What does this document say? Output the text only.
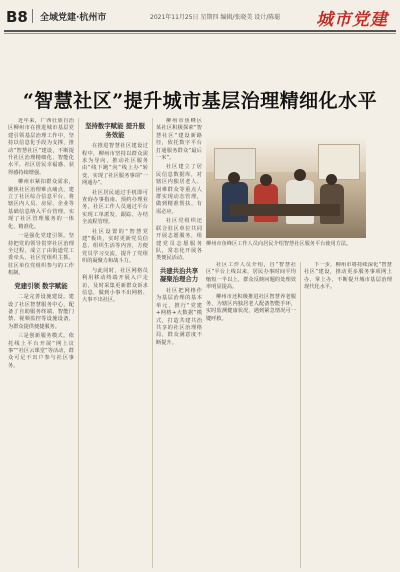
B8 全域党建·杭州市	2021年11月25日 星期四 编辑/张晓美 设计/陈聪 城市党建
“智慧社区”提升城市基层治理精细化水平

近年来，广西壮族自治区柳州市在推进城市基层党建引领基层治理工作中，坚持以信息化手段为支撑，推动“智慧社区”建设，不断提升社区治理精细化、智能化水平，社区居民幸福感、获得感持续增强。

柳州市紧扣群众需求，聚焦社区治理难点痛点，建立了社区综合信息平台，将辖区内人员、房屋、企业等基础信息纳入平台管理，实现了社区管理服务的一体化、精准化。

一是强化党建引领。坚持把党的领导贯穿社区治理全过程，成立了由街道党工委牵头、社区党组织主抓、驻区单位党组织参与的工作机制。

党建引领 数字赋能

二是完善设施建设。建设了社区智慧服务中心，配备了自助服务终端、智能门禁、视频监控等设施设备，为群众提供便捷服务。

三是创新服务模式。依托线上平台开展“网上议事”“社区云课堂”等活动，群众可足不出户参与社区事务。

坚持数字赋能 提升服务效能

在推进智慧社区建设过程中，柳州市坚持以群众需求为导向，推动社区服务由“线下跑”向“线上办”转变，实现了社区服务事项“一网通办”。

社区居民通过手机即可查询办事指南、预约办理业务，社区工作人员通过平台实现工单派发、跟踪、办结全流程管理。

社区设置的“智慧党建”板块，实时更新党员信息、组织生活等内容，方便党员学习交流，提升了党组织的凝聚力和战斗力。

与此同时，社区网格员利用移动终端开展入户走访，及时采集更新群众诉求信息，做到小事不出网格、大事不出社区。

柳州市鱼峰区某社区积极探索“智慧社区”建设新路径，依托数字平台打通服务群众“最后一米”。

社区建立了居民信息数据库，对辖区内独居老人、困难群众等重点人群实现动态管理，做到精准帮扶、有需必应。

社区党组织还联合驻区单位共同开展志愿服务，组建党员志愿服务队，常态化开展各类便民活动。

共建共治共享 凝聚治理合力

社区把网格作为基层治理的基本单元，推行“党建+网格+大数据”模式，打造共建共治共享的社区治理格局，群众满意度不断提升。

柳州市鱼峰区工作人员向居民介绍智慧社区服务平台使用方法。

社区工作人员介绍，自“智慧社区”平台上线以来，居民办事时间平均缩短一半以上，群众反映问题的处理效率明显提高。

柳州市还积极推进社区智慧养老服务，为辖区内独居老人配备智能手环，实时监测健康状况，遇到紧急情况可一键呼救。

下一步，柳州市将持续深化“智慧社区”建设，推动更多服务事项网上办、掌上办，不断提升城市基层治理现代化水平。
